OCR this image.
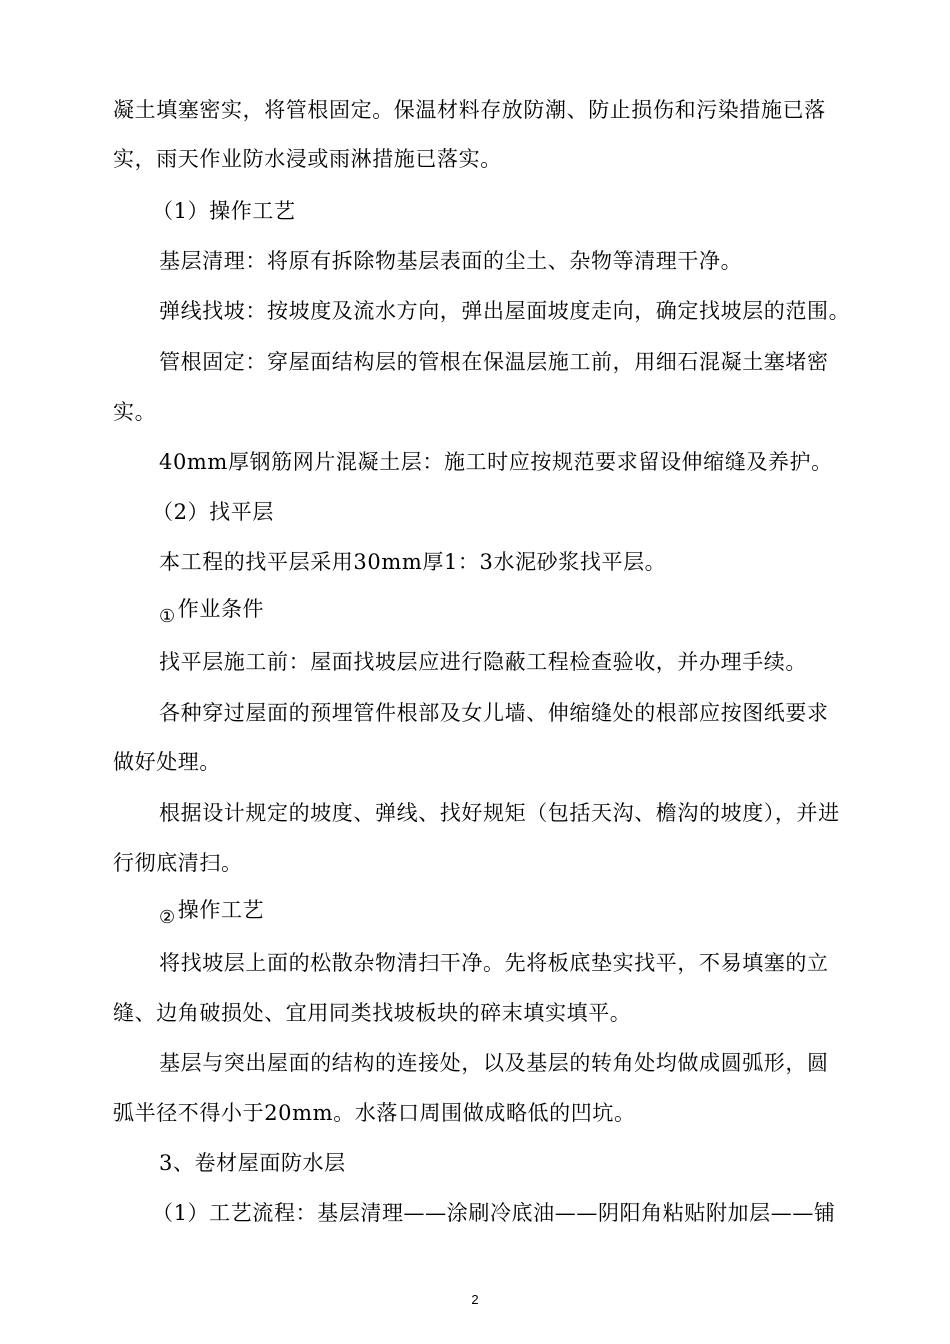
凝土填塞密实，将管根固定。保温材料存放防潮、防止损伤和污染措施已落
实，雨天作业防水浸或雨淋措施已落实。
（1）操作工艺
基层清理：将原有拆除物基层表面的尘土、杂物等清理干净。
弹线找坡：按坡度及流水方向，弹出屋面坡度走向，确定找坡层的范围。
管根固定：穿屋面结构层的管根在保温层施工前，用细石混凝土塞堵密
实。
40mm厚钢筋网片混凝土层：施工时应按规范要求留设伸缩缝及养护。
（2）找平层
本工程的找平层采用30mm厚1：3水泥砂浆找平层。
①作业条件
找平层施工前：屋面找坡层应进行隐蔽工程检查验收，并办理手续。
各种穿过屋面的预埋管件根部及女儿墙、伸缩缝处的根部应按图纸要求
做好处理。
根据设计规定的坡度、弹线、找好规矩（包括天沟、檐沟的坡度），并进
行彻底清扫。
②操作工艺
将找坡层上面的松散杂物清扫干净。先将板底垫实找平，不易填塞的立
缝、边角破损处、宜用同类找坡板块的碎末填实填平。
基层与突出屋面的结构的连接处，以及基层的转角处均做成圆弧形，圆
弧半径不得小于20mm。水落口周围做成略低的凹坑。
3、卷材屋面防水层
（1）工艺流程：基层清理——涂刷冷底油——阴阳角粘贴附加层——铺
2
